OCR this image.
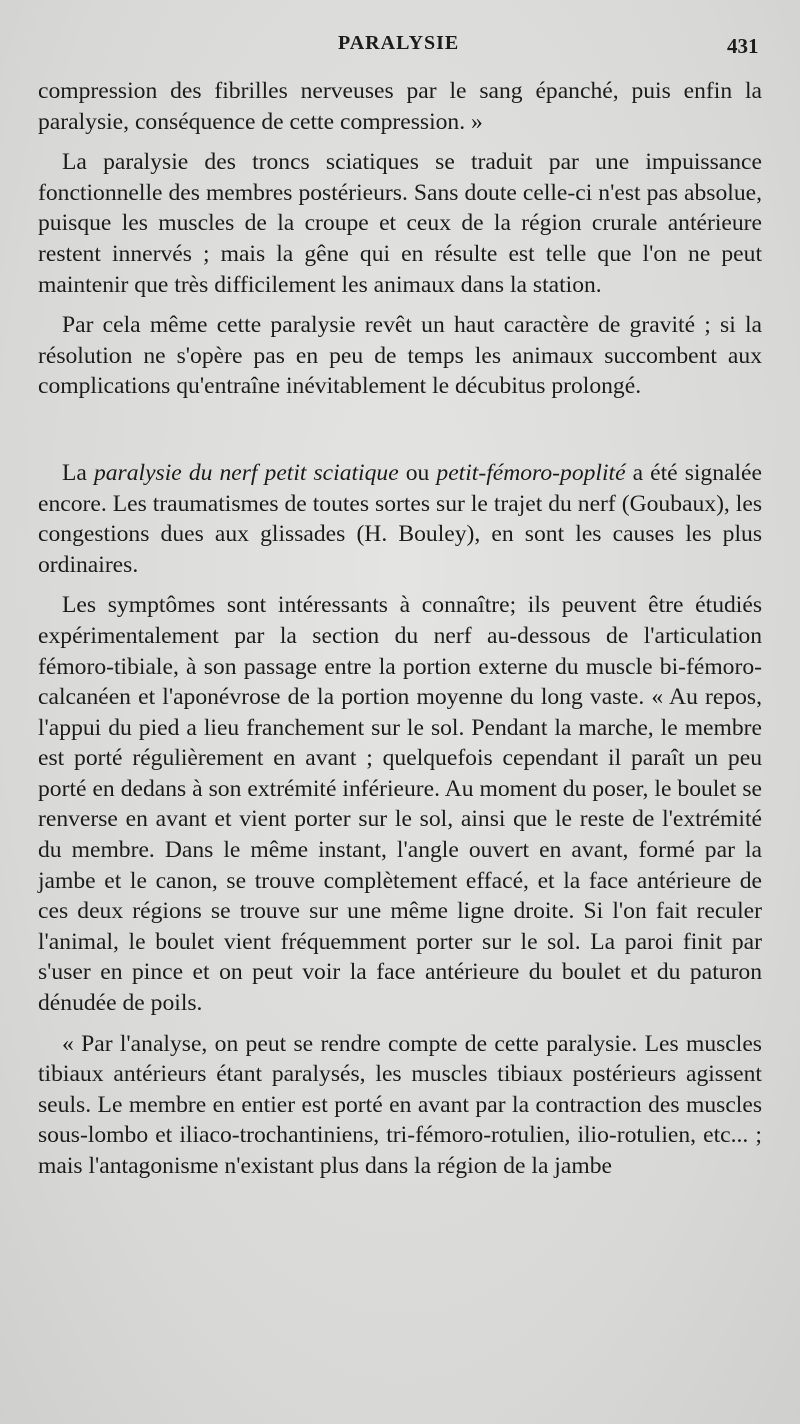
PARALYSIE	431

compression des fibrilles nerveuses par le sang épanché, puis enfin la paralysie, conséquence de cette compression. »

La paralysie des troncs sciatiques se traduit par une impuissance fonctionnelle des membres postérieurs. Sans doute celle-ci n'est pas absolue, puisque les muscles de la croupe et ceux de la région crurale antérieure restent innervés ; mais la gêne qui en résulte est telle que l'on ne peut maintenir que très difficilement les animaux dans la station.

Par cela même cette paralysie revêt un haut caractère de gravité ; si la résolution ne s'opère pas en peu de temps les animaux succombent aux complications qu'entraîne inévitablement le décubitus prolongé.

La paralysie du nerf petit sciatique ou petit-fémoro-poplité a été signalée encore. Les traumatismes de toutes sortes sur le trajet du nerf (Goubaux), les congestions dues aux glissades (H. Bouley), en sont les causes les plus ordinaires.

Les symptômes sont intéressants à connaître; ils peuvent être étudiés expérimentalement par la section du nerf au-dessous de l'articulation fémoro-tibiale, à son passage entre la portion externe du muscle bi-fémoro-calcanéen et l'aponévrose de la portion moyenne du long vaste. « Au repos, l'appui du pied a lieu franchement sur le sol. Pendant la marche, le membre est porté régulièrement en avant ; quelquefois cependant il paraît un peu porté en dedans à son extrémité inférieure. Au moment du poser, le boulet se renverse en avant et vient porter sur le sol, ainsi que le reste de l'extrémité du membre. Dans le même instant, l'angle ouvert en avant, formé par la jambe et le canon, se trouve complètement effacé, et la face antérieure de ces deux régions se trouve sur une même ligne droite. Si l'on fait reculer l'animal, le boulet vient fréquemment porter sur le sol. La paroi finit par s'user en pince et on peut voir la face antérieure du boulet et du paturon dénudée de poils.

« Par l'analyse, on peut se rendre compte de cette paralysie. Les muscles tibiaux antérieurs étant paralysés, les muscles tibiaux postérieurs agissent seuls. Le membre en entier est porté en avant par la contraction des muscles sous-lombo et iliaco-trochantiniens, tri-fémoro-rotulien, ilio-rotulien, etc... ; mais l'antagonisme n'existant plus dans la région de la jambe
